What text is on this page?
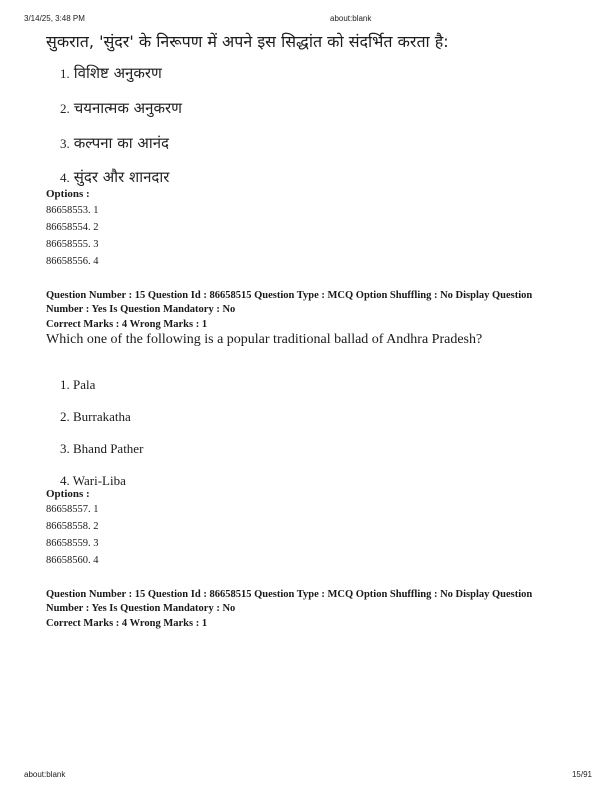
3/14/25, 3:48 PM	about:blank
about:blank	15/91
सुकरात, 'सुंदर' के निरूपण में अपने इस सिद्धांत को संदर्भित करता है:
1. विशिष्ट अनुकरण
2. चयनात्मक अनुकरण
3. कल्पना का आनंद
4. सुंदर और शानदार
Options :
86658553. 1
86658554. 2
86658555. 3
86658556. 4
Question Number : 15 Question Id : 86658515 Question Type : MCQ Option Shuffling : No Display Question
Number : Yes Is Question Mandatory : No
Correct Marks : 4 Wrong Marks : 1
Which one of the following is a popular traditional ballad of Andhra Pradesh?
1. Pala
2. Burrakatha
3. Bhand Pather
4. Wari-Liba
Options :
86658557. 1
86658558. 2
86658559. 3
86658560. 4
Question Number : 15 Question Id : 86658515 Question Type : MCQ Option Shuffling : No Display Question
Number : Yes Is Question Mandatory : No
Correct Marks : 4 Wrong Marks : 1
